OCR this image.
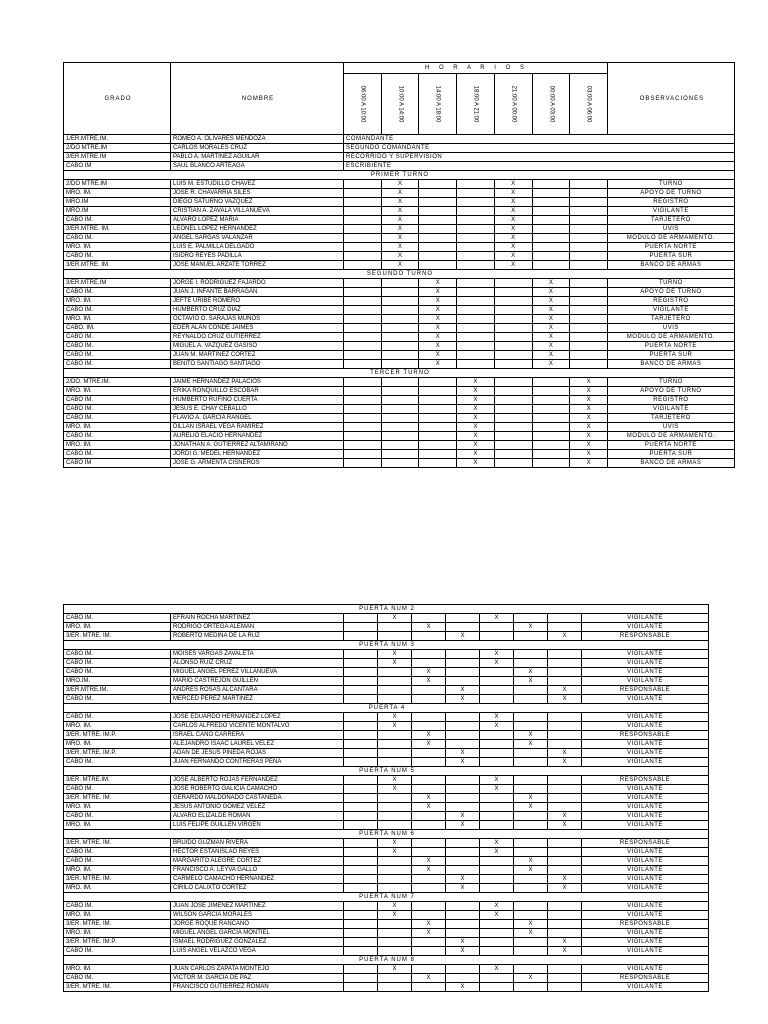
GRADO	NOMBRE	H O R A R I O S							OBSERVACIONES
		06:00 A 10:00	10:00 A 14:00	14:00 A 18:00	18:00 A 21:00	21:00 A 00:00	00:00 A 03:00	03:00 A 06:00	
1/ER.MTRE.IM.	ROMEO A. OLIVARES MENDOZA	COMANDANTE							
2/DO MTRE.IM	CARLOS MORALES CRUZ	SEGUNDO COMANDANTE							
3/ER.MTRE.IM	PABLO A. MARTINEZ AGUILAR	RECORRIDO Y SUPERVISION							
CABO IM	SAUL BLANCO ARTEAGA	ESCRIBIENTE							
PRIMER TURNO									
2/DO MTRE.IM	LUIS M. ESTUDILLO CHAVEZ		X			X			TURNO
MRO. IM.	JOSE R. CHAVARRIA SILES		X			X			APOYO DE TURNO
MRO.IM	DIEGO SATURNO VAZQUEZ		X			X			REGISTRO
MRO.IM	CRISTIAN A. ZAVALA VILLANUEVA		X			X			VIGILANTE
CABO IM.	ALVARO LOPEZ MARIA		X			X			TARJETERO
3/ER.MTRE. IM.	LEONEL LOPEZ HERNANDEZ		X			X			UVIS
CABO IM.	ANGEL SARGAS VALANZAR		X			X			MODULO DE ARMAMENTO.
MRO. IM.	LUIS E. PALMILLA DELGADO		X			X			PUERTA NORTE
CABO IM.	ISIDRO REYES PADILLA		X			X			PUERTA SUR
3/ER.MTRE. IM.	JOSE MANUEL ARZATE TORREZ		X			X			BANCO DE ARMAS
SEGUNDO TURNO									
3/ER.MTRE.IM	JORGE I. RODRIGUEZ FAJARDO			X			X		TURNO
CABO IM.	JUAN J. INFANTE BARRAGAN			X			X		APOYO DE TURNO
MRO. IM.	JEFTE URIBE ROMERO			X			X		REGISTRO
CABO IM.	HUMBERTO CRUZ DIAZ			X			X		VIGILANTE
MRO. IM.	OCTAVIO O. SARAJAS MUÑOS			X			X		TARJETERO
CABO. IM.	EDER ALAN CONDE JAIMES			X			X		UVIS
CABO IM.	REYNALDO CRUZ GUTIERREZ			X			X		MODULO DE ARMAMENTO.
CABO IM.	MIGUEL A. VAZQUEZ GASISO			X			X		PUERTA NORTE
CABO IM.	JUAN M. MARTINEZ CORTEZ			X			X		PUERTA SUR
CABO IM.	BENITO SANTIAGO SANTIAGO			X			X		BANCO DE ARMAS
TERCER TURNO									
2/DO. MTRE.IM.	JAIME HERNANDEZ PALACIOS				X			X	TURNO
MRO. IM.	ERIKA RONQUILLO ESCOBAR				X			X	APOYO DE TURNO
CABO IM.	HUMBERTO RUFINO CUERTA				X			X	REGISTRO
CABO IM.	JESUS E. CHAY CEBALLO				X			X	VIGILANTE
CABO IM.	FLAVIO A. GARCIA RANGEL				X			X	TARJETERO
MRO. IM.	DILLAN ISRAEL VEGA RAMIREZ				X			X	UVIS
CABO IM.	AURELIO ELACIO HERNANDEZ				X			X	MODULO DE ARMAMENTO.
MRO. IM.	JONATHAN A. GUTIERREZ ALTAMIRANO				X			X	PUERTA NORTE
CABO IM.	JORDI G. MEDEL HERNANDEZ				X			X	PUERTA SUR
CABO IM	JOSE G. ARMENTA CISNEROS				X			X	BANCO DE ARMAS
PUERTA NUM 2									
CABO IM.	EFRAIN ROCHA MARTINEZ		X			X			VIGILANTE
MRO. IM.	RODRIGO ORTEGA ALEMAN			X			X		VIGILANTE
3/ER. MTRE. IM.	ROBERTO MEDINA DE LA RUZ				X			X	RESPONSABLE
PUERTA NUM 3									
CABO IM.	MOISES VARGAS ZAVALETA		X			X			VIGILANTE
CABO IM.	ALONSO RUIZ CRUZ		X			X			VIGILANTE
CABO IM.	MIGUEL ANGEL PEREZ VILLANUEVA			X			X		VIGILANTE
MRO.IM.	MARIO CASTREJON GUILLEN			X			X		VIGILANTE
3/ER.MTRE.IM.	ANDRES ROSAS ALCANTARA				X			X	RESPONSABLE
CABO IM.	MERCED PEREZ MARTINEZ				X			X	VIGILANTE
PUERTA 4									
CABO IM.	JOSE EDUARDO HERNANDEZ LOPEZ		X			X			VIGILANTE
MRO. IM.	CARLOS ALFREDO VICENTE MONTALVO		X			X			VIGILANTE
3/ER. MTRE. IM.P.	ISRAEL CANO CARRERA			X			X		RESPONSABLE
MRO. IM.	ALEJANDRO ISAAC LAUREL VELEZ			X			X		VIGILANTE
3/ER. MTRE. IM.P.	ADAN DE JESUS PINEDA ROJAS				X			X	VIGILANTE
CABO IM.	JUAN FERNANDO CONTRERAS PEÑA				X			X	VIGILANTE
PUERTA NUM 5									
3/ER. MTRE.IM.	JOSE ALBERTO ROJAS FERNANDEZ		X			X			RESPONSABLE
CABO IM.	JOSE ROBERTO GALICIA CAMACHO		X			X			VIGILANTE
3/ER. MTRE. IM.	GERARDO MALDONADO CASTAÑEDA			X			X		VIGILANTE
MRO. IM.	JESUS ANTONIO GOMEZ VELEZ			X			X		VIGILANTE
CABO IM.	ALVARO ELIZALDE ROMAN				X			X	VIGILANTE
MRO. IM.	LUIS FELIPE GUILLEN VIRGEN				X			X	VIGILANTE
PUERTA NUM 6									
3/ER. MTRE. IM.	BRUIDO GUZMAN RIVERA		X			X			RESPONSABLE
CABO IM.	HECTOR ESTANISLAO REYES		X			X			VIGILANTE
CABO IM.	MARGARITO ALEGRE CORTEZ			X			X		VIGILANTE
MRO. IM.	FRANCISCO A. LEYVA GALLO			X			X		VIGILANTE
3/ER. MTRE. IM.	CARMELO CAMACHO HERNANDEZ				X			X	VIGILANTE
MRO. IM.	CIRILO CALIXTO CORTEZ				X			X	VIGILANTE
PUERTA NUM 7									
CABO IM.	JUAN JOSE JIMENEZ MARTINEZ		X			X			VIGILANTE
MRO. IM.	WILSON GARCIA MORALES		X			X			VIGILANTE
3/ER. MTRE. IM.	JORGE ROQUE RANCAÑO			X			X		RESPONSABLE
MRO. IM.	MIGUEL ANGEL GARCIA MONTIEL			X			X		VIGILANTE
3/ER. MTRE. IM.P.	ISMAEL RODRIGUEZ GONZALEZ				X			X	VIGILANTE
CABO IM.	LUIS ANGEL VELAZCO VEGA				X			X	VIGILANTE
PUERTA NUM 8									
MRO. IM.	JUAN CARLOS ZAPATA MONTEJO		X			X			VIGILANTE
CABO IM.	VICTOR M. GARCIA DE PAZ			X			X		RESPONSABLE
3/ER. MTRE. IM.	FRANCISCO GUTIERREZ ROMAN				X				VIGILANTE
